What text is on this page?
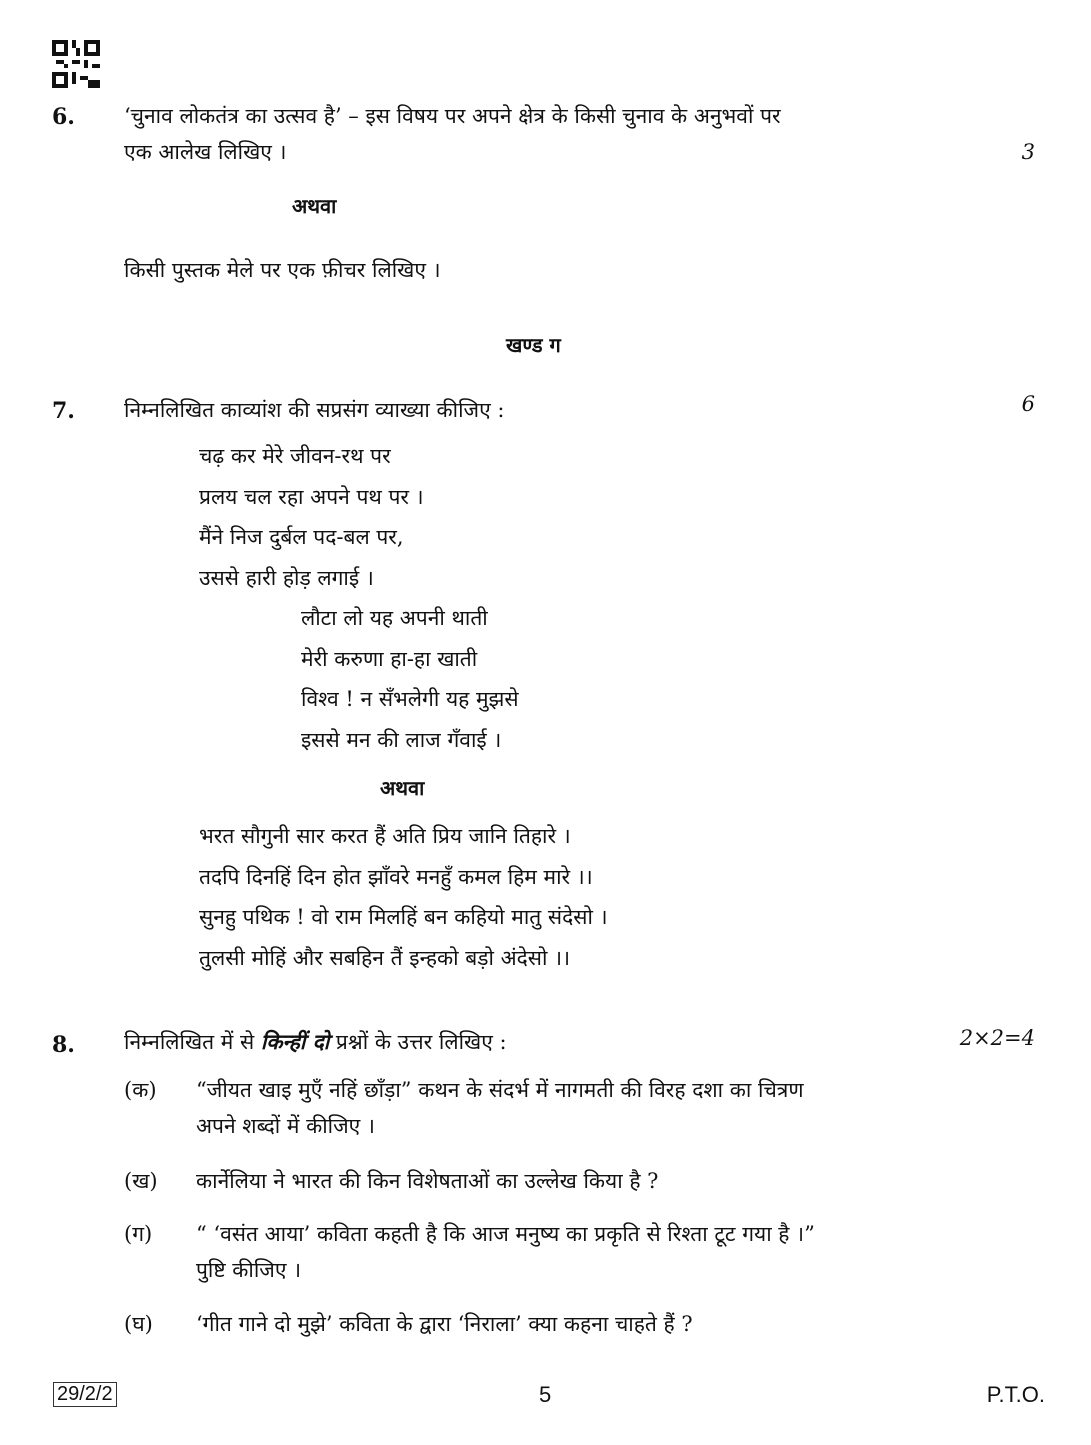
6. ‘चुनाव लोकतंत्र का उत्सव है’ – इस विषय पर अपने क्षेत्र के किसी चुनाव के अनुभवों पर
एक आलेख लिखिए ।	3
अथवा
किसी पुस्तक मेले पर एक फ़ीचर लिखिए ।
खण्ड ग
7. निम्नलिखित काव्यांश की सप्रसंग व्याख्या कीजिए :	6
चढ़ कर मेरे जीवन-रथ पर
प्रलय चल रहा अपने पथ पर ।
मैंने निज दुर्बल पद-बल पर,
उससे हारी होड़ लगाई ।
लौटा लो यह अपनी थाती
मेरी करुणा हा-हा खाती
विश्व ! न सँभलेगी यह मुझसे
इससे मन की लाज गँवाई ।
अथवा
भरत सौगुनी सार करत हैं अति प्रिय जानि तिहारे ।
तदपि दिनहिं दिन होत झाँवरे मनहुँ कमल हिम मारे ।।
सुनहु पथिक ! वो राम मिलहिं बन कहियो मातु संदेसो ।
तुलसी मोहिं और सबहिन तैं इन्हको बड़ो अंदेसो ।।
8. निम्नलिखित में से किन्हीं दो प्रश्नों के उत्तर लिखिए :	2×2=4
(क)	“जीयत खाइ मुएँ नहिं छाँड़ा” कथन के संदर्भ में नागमती की विरह दशा का चित्रण
अपने शब्दों में कीजिए ।
(ख)	कार्नेलिया ने भारत की किन विशेषताओं का उल्लेख किया है ?
(ग)	“ ‘वसंत आया’ कविता कहती है कि आज मनुष्य का प्रकृति से रिश्ता टूट गया है ।”
पुष्टि कीजिए ।
(घ)	‘गीत गाने दो मुझे’ कविता के द्वारा ‘निराला’ क्या कहना चाहते हैं ?
29/2/2	5	P.T.O.
